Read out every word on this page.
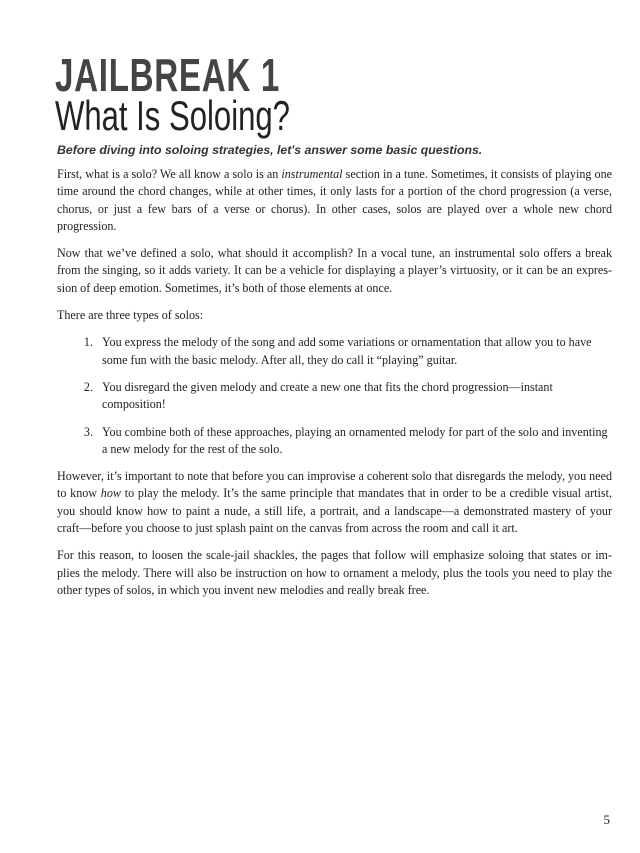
JAILBREAK 1
What Is Soloing?
Before diving into soloing strategies, let's answer some basic questions.

First, what is a solo? We all know a solo is an instrumental section in a tune. Sometimes, it consists of playing one time around the chord changes, while at other times, it only lasts for a portion of the chord progression (a verse, chorus, or just a few bars of a verse or chorus). In other cases, solos are played over a whole new chord progression.

Now that we’ve defined a solo, what should it accomplish? In a vocal tune, an instrumental solo offers a break from the singing, so it adds variety. It can be a vehicle for displaying a player’s virtuosity, or it can be an expres-sion of deep emotion. Sometimes, it’s both of those elements at once.

There are three types of solos:

1. You express the melody of the song and add some variations or ornamentation that allow you to have some fun with the basic melody. After all, they do call it “playing” guitar.
2. You disregard the given melody and create a new one that fits the chord progression—instant composition!
3. You combine both of these approaches, playing an ornamented melody for part of the solo and inventing a new melody for the rest of the solo.

However, it’s important to note that before you can improvise a coherent solo that disregards the melody, you need to know how to play the melody. It’s the same principle that mandates that in order to be a credible visual artist, you should know how to paint a nude, a still life, a portrait, and a landscape—a demonstrated mastery of your craft—before you choose to just splash paint on the canvas from across the room and call it art.

For this reason, to loosen the scale-jail shackles, the pages that follow will emphasize soloing that states or im-plies the melody. There will also be instruction on how to ornament a melody, plus the tools you need to play the other types of solos, in which you invent new melodies and really break free.

alle-noten.de
5
